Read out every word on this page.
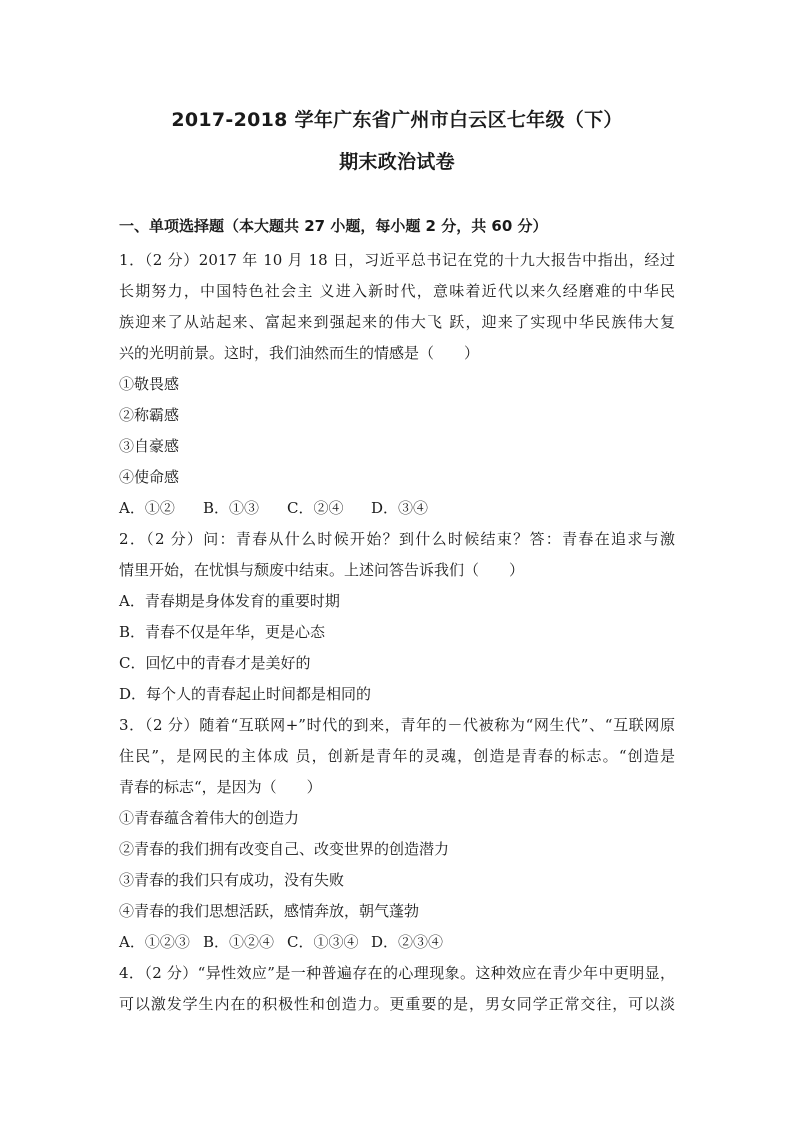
2017-2018 学年广东省广州市白云区七年级（下）
期末政治试卷
一、单项选择题（本大题共 27 小题，每小题 2 分，共 60 分）
1．（2 分）2017 年 10 月 18 日，习近平总书记在党的十九大报告中指出，经过
长期努力，中国特色社会主 义进入新时代，意味着近代以来久经磨难的中华民
族迎来了从站起来、富起来到强起来的伟大飞 跃，迎来了实现中华民族伟大复
兴的光明前景。这时，我们油然而生的情感是（　　）
①敬畏感
②称霸感
③自豪感
④使命感
A．①② B．①③ C．②④ D．③④
2．（2 分）问：青春从什么时候开始？到什么时候结束？答：青春在追求与激
情里开始，在忧惧与颓废中结束。上述问答告诉我们（　　）
A．青春期是身体发育的重要时期
B．青春不仅是年华，更是心态
C．回忆中的青春才是美好的
D．每个人的青春起止时间都是相同的
3．（2 分）随着“互联网+”时代的到来，青年的－代被称为“网生代”、“互联网原
住民”，是网民的主体成 员，创新是青年的灵魂，创造是青春的标志。“创造是
青春的标志“，是因为（　　）
①青春蕴含着伟大的创造力
②青春的我们拥有改变自己、改变世界的创造潜力
③青春的我们只有成功，没有失败
④青春的我们思想活跃，感情奔放，朝气蓬勃
A．①②③ B．①②④ C．①③④ D．②③④
4．（2 分）“异性效应”是一种普遍存在的心理现象。这种效应在青少年中更明显，
可以激发学生内在的积极性和创造力。更重要的是，男女同学正常交往，可以淡
